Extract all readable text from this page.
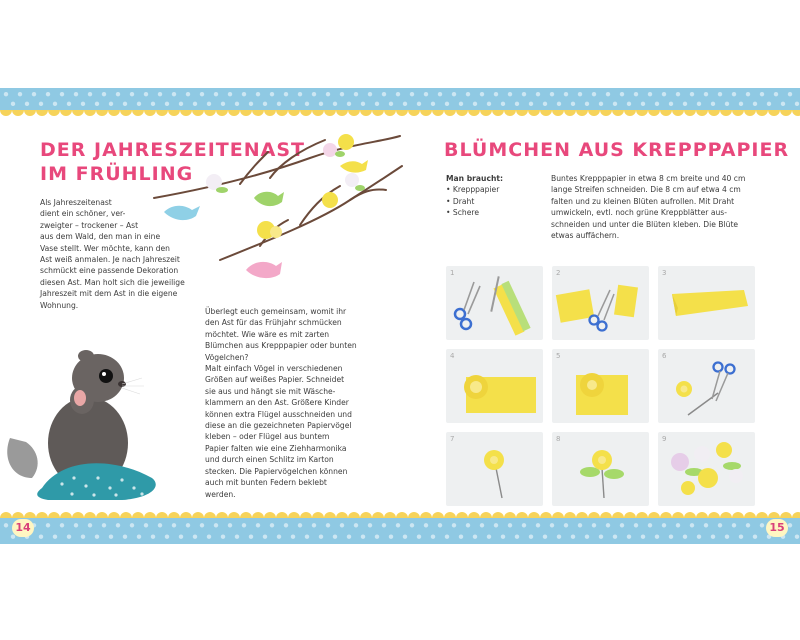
DER JAHRESZEITENAST
IM FRÜHLING
Als Jahreszeitenast
dient ein schöner, ver-
zweigter – trockener – Ast
aus dem Wald, den man in eine
Vase stellt. Wer möchte, kann den
Ast weiß anmalen. Je nach Jahreszeit
schmückt eine passende Dekoration
diesen Ast. Man holt sich die jeweilige
Jahreszeit mit dem Ast in die eigene
Wohnung.
Überlegt euch gemeinsam, womit ihr
den Ast für das Frühjahr schmücken
möchtet. Wie wäre es mit zarten
Blümchen aus Krepppapier oder bunten
Vögelchen?
Malt einfach Vögel in verschiedenen
Größen auf weißes Papier. Schneidet
sie aus und hängt sie mit Wäsche-
klammern an den Ast. Größere Kinder
können extra Flügel ausschneiden und
diese an die gezeichneten Papiervögel
kleben – oder Flügel aus buntem
Papier falten wie eine Ziehharmonika
und durch einen Schlitz im Karton
stecken. Die Papiervögelchen können
auch mit bunten Federn beklebt
werden.
BLÜMCHEN AUS KREPPPAPIER
Man braucht:
• Krepppapier
• Draht
• Schere
Buntes Krepppapier in etwa 8 cm breite und 40 cm
lange Streifen schneiden. Die 8 cm auf etwa 4 cm
falten und zu kleinen Blüten aufrollen. Mit Draht
umwickeln, evtl. noch grüne Kreppblätter aus-
schneiden und unter die Blüten kleben. Die Blüte
etwas auffächern.
1	2	3
4	5	6
7	8	9
14	15
